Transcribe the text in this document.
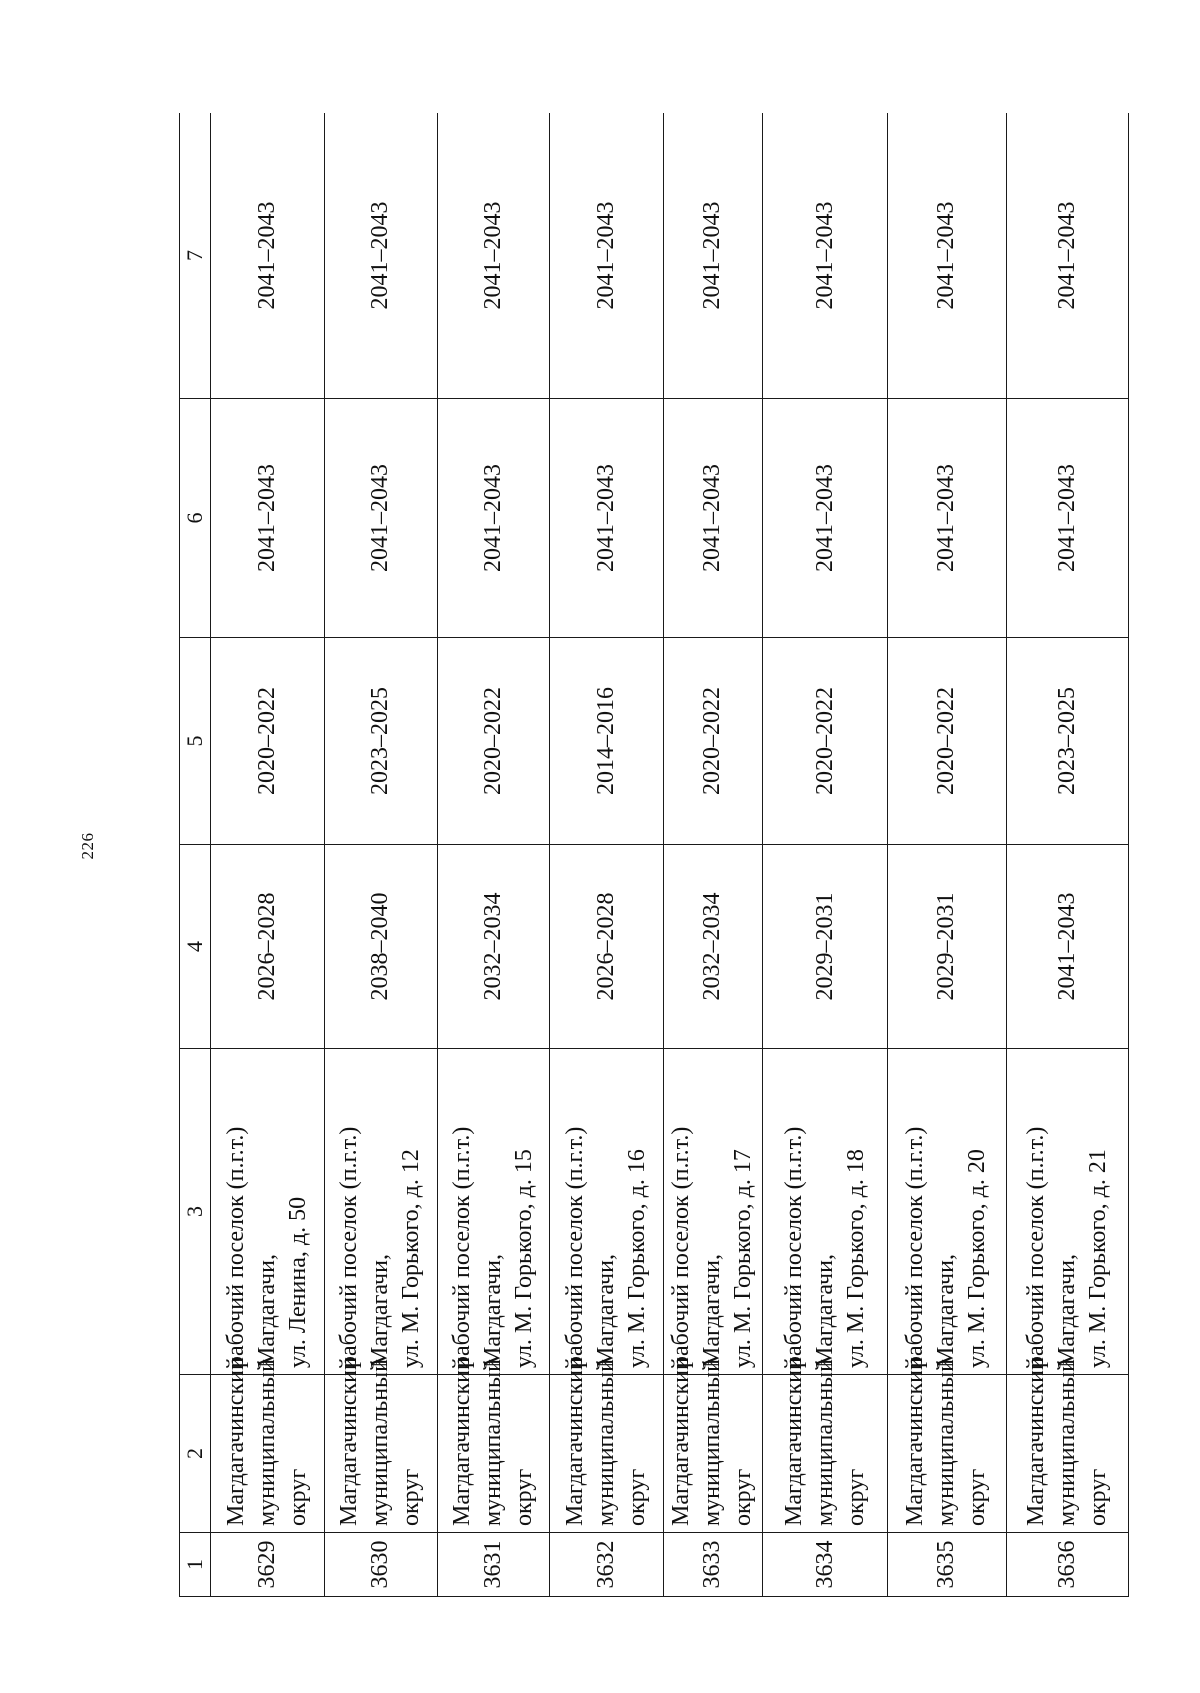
226
1	2	3	4	5	6	7
3629	Магдагачинский муниципальный округ	рабочий поселок (п.г.т.) Магдагачи, ул. Ленина, д. 50	2026–2028	2020–2022	2041–2043	2041–2043
3630	Магдагачинский муниципальный округ	рабочий поселок (п.г.т.) Магдагачи, ул. М. Горького, д. 12	2038–2040	2023–2025	2041–2043	2041–2043
3631	Магдагачинский муниципальный округ	рабочий поселок (п.г.т.) Магдагачи, ул. М. Горького, д. 15	2032–2034	2020–2022	2041–2043	2041–2043
3632	Магдагачинский муниципальный округ	рабочий поселок (п.г.т.) Магдагачи, ул. М. Горького, д. 16	2026–2028	2014–2016	2041–2043	2041–2043
3633	Магдагачинский муниципальный округ	рабочий поселок (п.г.т.) Магдагачи, ул. М. Горького, д. 17	2032–2034	2020–2022	2041–2043	2041–2043
3634	Магдагачинский муниципальный округ	рабочий поселок (п.г.т.) Магдагачи, ул. М. Горького, д. 18	2029–2031	2020–2022	2041–2043	2041–2043
3635	Магдагачинский муниципальный округ	рабочий поселок (п.г.т.) Магдагачи, ул. М. Горького, д. 20	2029–2031	2020–2022	2041–2043	2041–2043
3636	Магдагачинский муниципальный округ	рабочий поселок (п.г.т.) Магдагачи, ул. М. Горького, д. 21	2041–2043	2023–2025	2041–2043	2041–2043
